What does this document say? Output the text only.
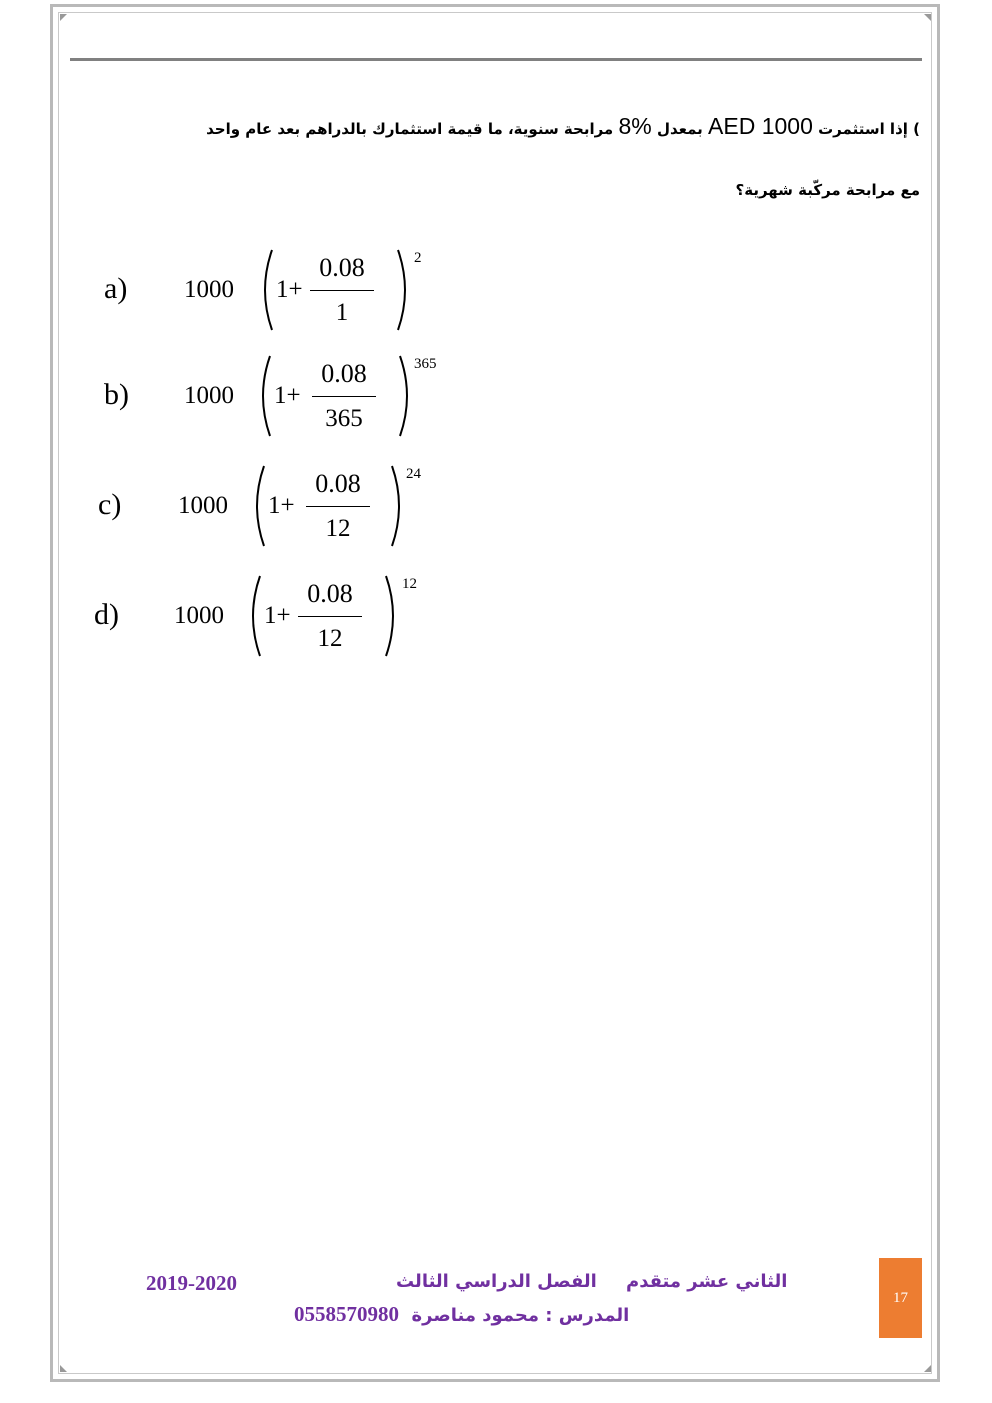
) إذا استثمرت AED 1000 بمعدل 8% مرابحة سنوية، ما قيمة استثمارك بالدراهم بعد عام واحد
مع مرابحة مركّبة شهرية؟
a) 1000 1+
0.08
1
2
b) 1000 1+
0.08
365
365
c) 1000 1+
0.08
12
24
d) 1000 1+
0.08
12
12
2019-2020	الفصل الدراسي الثالث الثاني عشر متقدم
المدرس : محمود مناصرة  0558570980
17
